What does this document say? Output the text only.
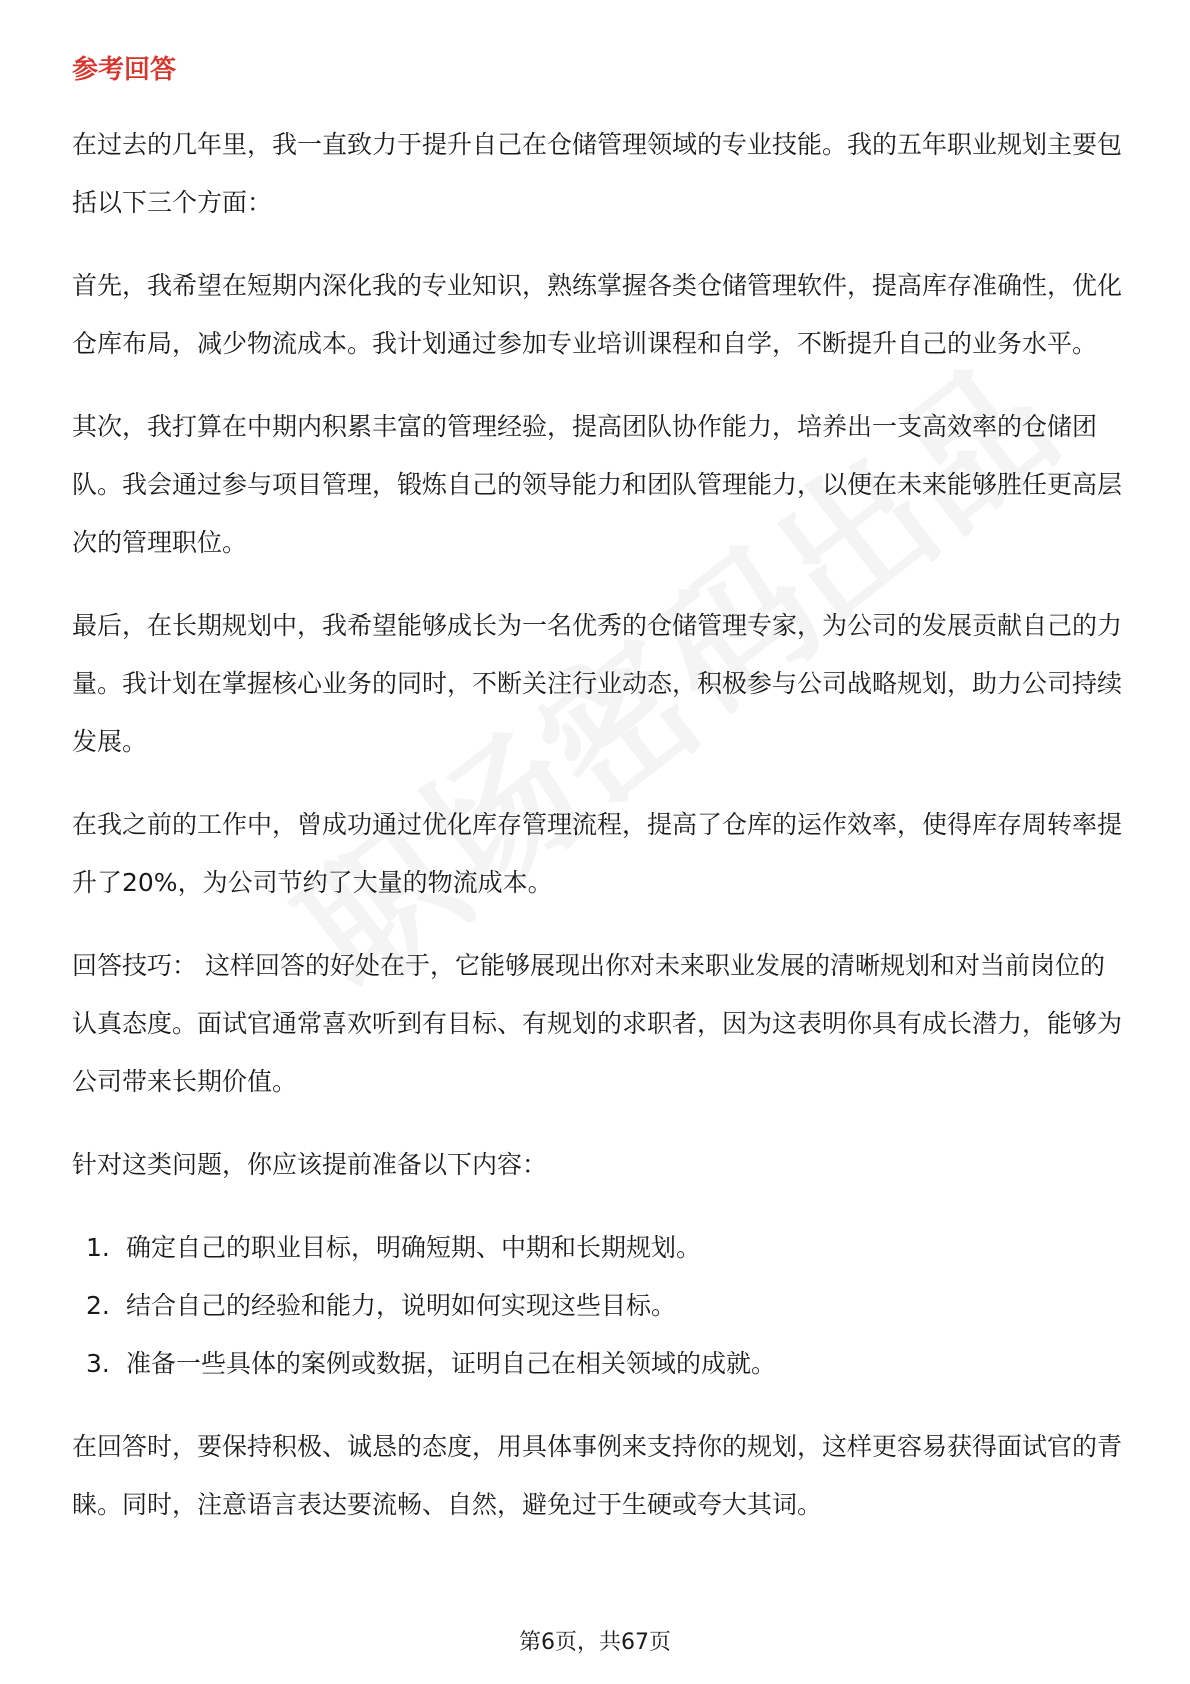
参考回答

在过去的几年里，我一直致力于提升自己在仓储管理领域的专业技能。我的五年职业规划主要包括以下三个方面：

首先，我希望在短期内深化我的专业知识，熟练掌握各类仓储管理软件，提高库存准确性，优化仓库布局，减少物流成本。我计划通过参加专业培训课程和自学，不断提升自己的业务水平。

其次，我打算在中期内积累丰富的管理经验，提高团队协作能力，培养出一支高效率的仓储团队。我会通过参与项目管理，锻炼自己的领导能力和团队管理能力，以便在未来能够胜任更高层次的管理职位。

最后，在长期规划中，我希望能够成长为一名优秀的仓储管理专家，为公司的发展贡献自己的力量。我计划在掌握核心业务的同时，不断关注行业动态，积极参与公司战略规划，助力公司持续发展。

在我之前的工作中，曾成功通过优化库存管理流程，提高了仓库的运作效率，使得库存周转率提升了20%，为公司节约了大量的物流成本。

回答技巧： 这样回答的好处在于，它能够展现出你对未来职业发展的清晰规划和对当前岗位的认真态度。面试官通常喜欢听到有目标、有规划的求职者，因为这表明你具有成长潜力，能够为公司带来长期价值。

针对这类问题，你应该提前准备以下内容：

1. 确定自己的职业目标，明确短期、中期和长期规划。
2. 结合自己的经验和能力，说明如何实现这些目标。
3. 准备一些具体的案例或数据，证明自己在相关领域的成就。

在回答时，要保持积极、诚恳的态度，用具体事例来支持你的规划，这样更容易获得面试官的青睐。同时，注意语言表达要流畅、自然，避免过于生硬或夸大其词。

第6页，共67页
